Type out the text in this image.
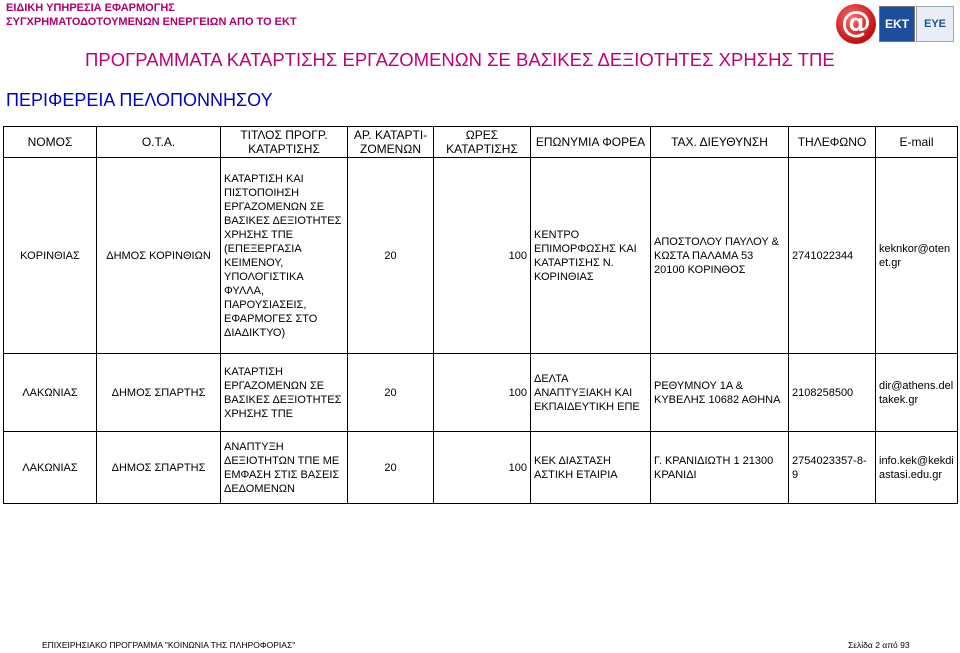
ΕΙΔΙΚΗ ΥΠΗΡΕΣΙΑ ΕΦΑΡΜΟΓΗΣ
ΣΥΓΧΡΗΜΑΤΟΔΟΤΟΥΜΕΝΩΝ ΕΝΕΡΓΕΙΩΝ ΑΠΟ ΤΟ ΕΚΤ	@	ΕΚΤ	ΕΥΕ
ΠΡΟΓΡΑΜΜΑΤΑ ΚΑΤΑΡΤΙΣΗΣ ΕΡΓΑΖΟΜΕΝΩΝ ΣΕ ΒΑΣΙΚΕΣ ΔΕΞΙΟΤΗΤΕΣ ΧΡΗΣΗΣ ΤΠΕ
ΠΕΡΙΦΕΡΕΙΑ ΠΕΛΟΠΟΝΝΗΣΟΥ
ΝΟΜΟΣ	Ο.Τ.Α.	ΤΙΤΛΟΣ ΠΡΟΓΡ. ΚΑΤΑΡΤΙΣΗΣ	ΑΡ. ΚΑΤΑΡΤΙ-ΖΟΜΕΝΩΝ	ΩΡΕΣ ΚΑΤΑΡΤΙΣΗΣ	ΕΠΩΝΥΜΙΑ ΦΟΡΕΑ	ΤΑΧ. ΔΙΕΥΘΥΝΣΗ	ΤΗΛΕΦΩΝΟ	E-mail
ΚΟΡΙΝΘΙΑΣ	ΔΗΜΟΣ ΚΟΡΙΝΘΙΩΝ	ΚΑΤΑΡΤΙΣΗ ΚΑΙ ΠΙΣΤΟΠΟΙΗΣΗ ΕΡΓΑΖΟΜΕΝΩΝ ΣΕ ΒΑΣΙΚΕΣ ΔΕΞΙΟΤΗΤΕΣ ΧΡΗΣΗΣ ΤΠΕ (ΕΠΕΞΕΡΓΑΣΙΑ ΚΕΙΜΕΝΟΥ, ΥΠΟΛΟΓΙΣΤΙΚΑ ΦΥΛΛΑ, ΠΑΡΟΥΣΙΑΣΕΙΣ, ΕΦΑΡΜΟΓΕΣ ΣΤΟ ΔΙΑΔΙΚΤΥΟ)	20	100	ΚΕΝΤΡΟ ΕΠΙΜΟΡΦΩΣΗΣ ΚΑΙ ΚΑΤΑΡΤΙΣΗΣ Ν. ΚΟΡΙΝΘΙΑΣ	ΑΠΟΣΤΟΛΟΥ ΠΑΥΛΟΥ & ΚΩΣΤΑ ΠΑΛΑΜΑ 53 20100 ΚΟΡΙΝΘΟΣ	2741022344	keknkor@otenet.gr
ΛΑΚΩΝΙΑΣ	ΔΗΜΟΣ ΣΠΑΡΤΗΣ	ΚΑΤΑΡΤΙΣΗ ΕΡΓΑΖΟΜΕΝΩΝ ΣΕ ΒΑΣΙΚΕΣ ΔΕΞΙΟΤΗΤΕΣ ΧΡΗΣΗΣ ΤΠΕ	20	100	ΔΕΛΤΑ ΑΝΑΠΤΥΞΙΑΚΗ ΚΑΙ ΕΚΠΑΙΔΕΥΤΙΚΗ ΕΠΕ	ΡΕΘΥΜΝΟΥ 1Α & ΚΥΒΕΛΗΣ 10682 ΑΘΗΝΑ	2108258500	dir@athens.deltakek.gr
ΛΑΚΩΝΙΑΣ	ΔΗΜΟΣ ΣΠΑΡΤΗΣ	ΑΝΑΠΤΥΞΗ ΔΕΞΙΟΤΗΤΩΝ ΤΠΕ ΜΕ ΕΜΦΑΣΗ ΣΤΙΣ ΒΑΣΕΙΣ ΔΕΔΟΜΕΝΩΝ	20	100	ΚΕΚ ΔΙΑΣΤΑΣΗ ΑΣΤΙΚΗ ΕΤΑΙΡΙΑ	Γ. ΚΡΑΝΙΔΙΩΤΗ 1 21300 ΚΡΑΝΙΔΙ	2754023357-8-9	info.kek@kekdiastasi.edu.gr
ΕΠΙΧΕΙΡΗΣΙΑΚΟ ΠΡΟΓΡΑΜΜΑ "ΚΟΙΝΩΝΙΑ ΤΗΣ ΠΛΗΡΟΦΟΡΙΑΣ"	Σελίδα 2 από 93
